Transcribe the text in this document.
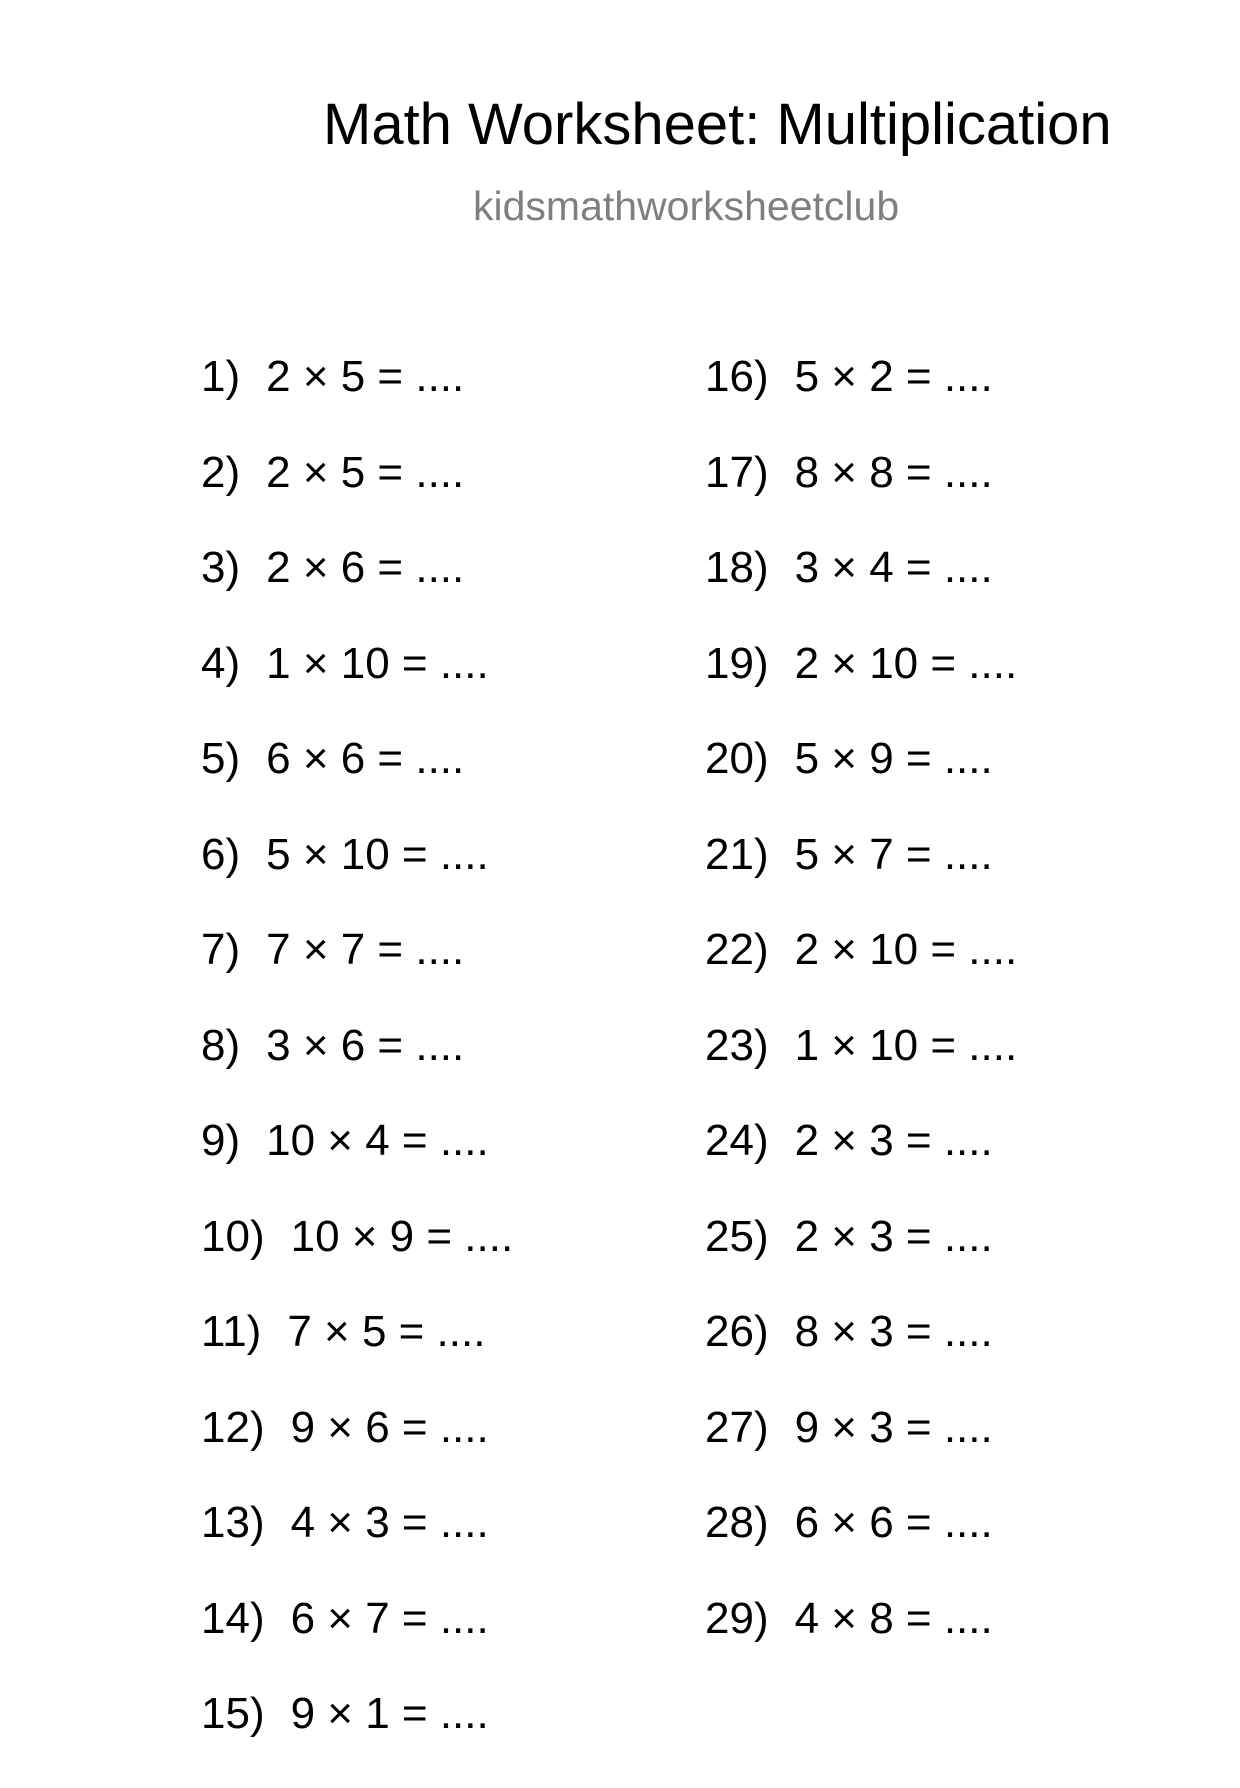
Math Worksheet: Multiplication
kidsmathworksheetclub
1) 2 × 5 = ....
2) 2 × 5 = ....
3) 2 × 6 = ....
4) 1 × 10 = ....
5) 6 × 6 = ....
6) 5 × 10 = ....
7) 7 × 7 = ....
8) 3 × 6 = ....
9) 10 × 4 = ....
10) 10 × 9 = ....
11) 7 × 5 = ....
12) 9 × 6 = ....
13) 4 × 3 = ....
14) 6 × 7 = ....
15) 9 × 1 = ....
16) 5 × 2 = ....
17) 8 × 8 = ....
18) 3 × 4 = ....
19) 2 × 10 = ....
20) 5 × 9 = ....
21) 5 × 7 = ....
22) 2 × 10 = ....
23) 1 × 10 = ....
24) 2 × 3 = ....
25) 2 × 3 = ....
26) 8 × 3 = ....
27) 9 × 3 = ....
28) 6 × 6 = ....
29) 4 × 8 = ....
